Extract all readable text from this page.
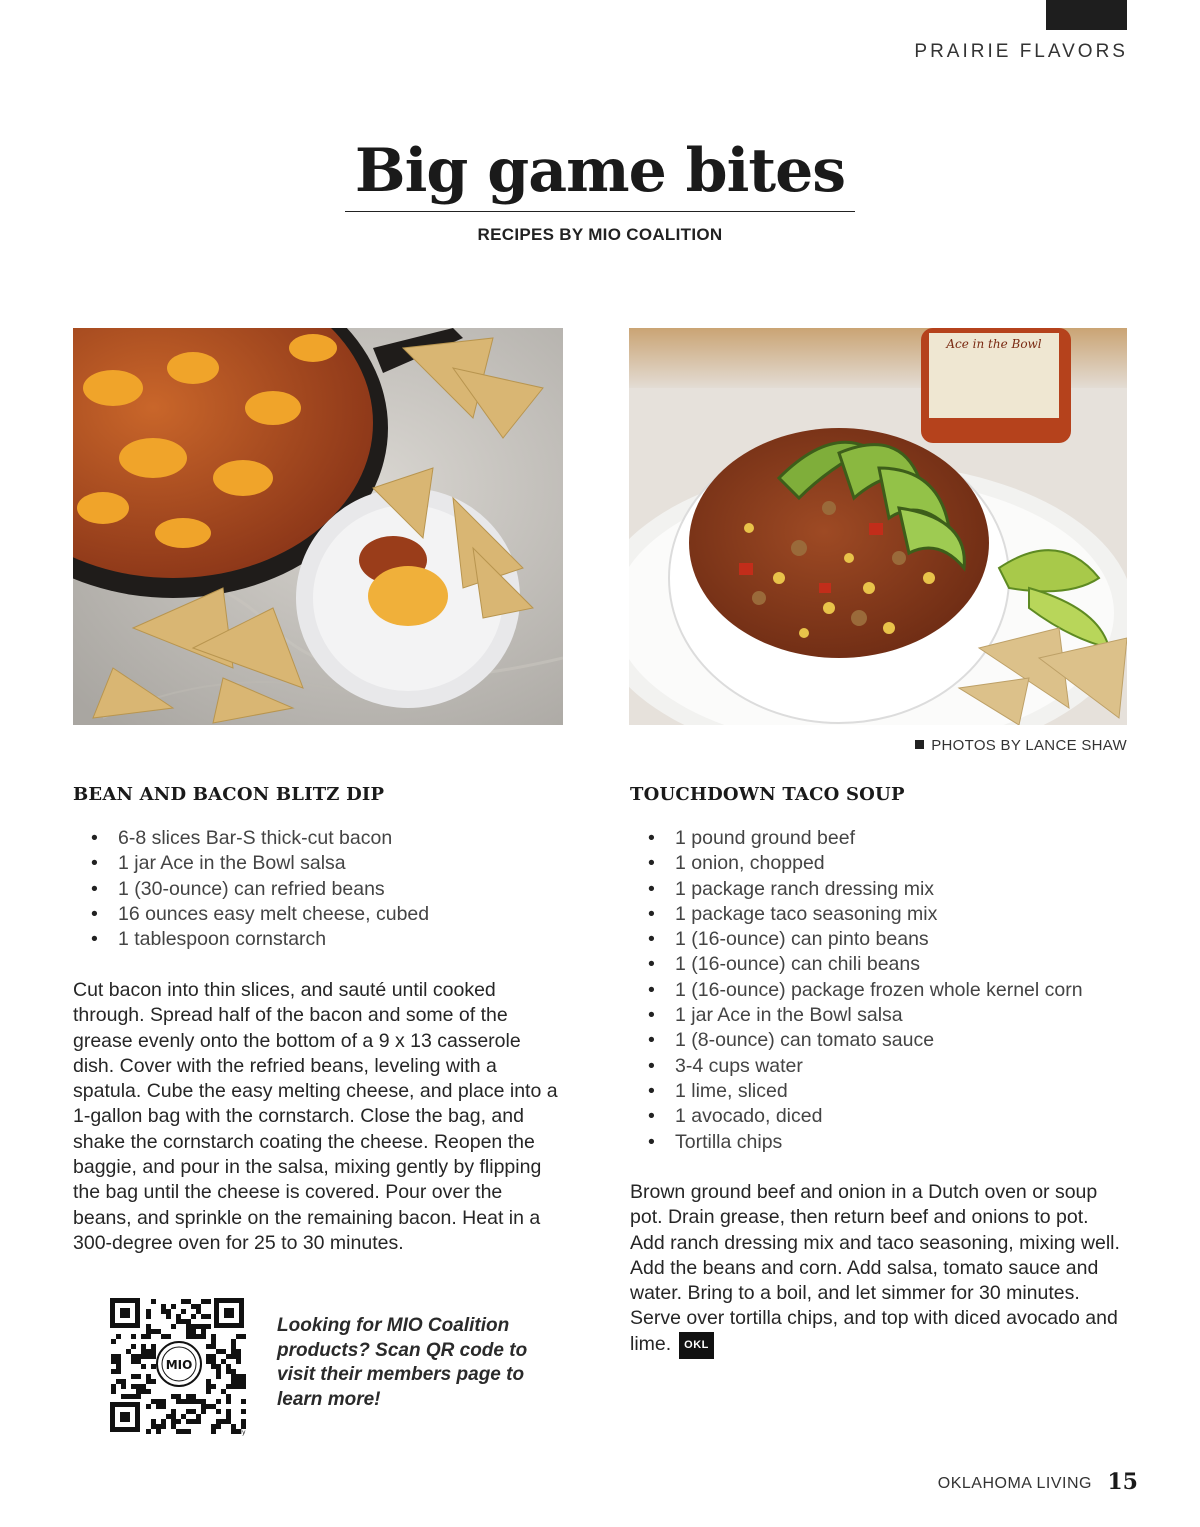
PRAIRIE FLAVORS
Big game bites
RECIPES BY MIO COALITION
Ace in the Bowl
PHOTOS BY LANCE SHAW
BEAN AND BACON BLITZ DIP
• 6-8 slices Bar-S thick-cut bacon
• 1 jar Ace in the Bowl salsa
• 1 (30-ounce) can refried beans
• 16 ounces easy melt cheese, cubed
• 1 tablespoon cornstarch
Cut bacon into thin slices, and sauté until cooked through. Spread half of the bacon and some of the grease evenly onto the bottom of a 9 x 13 casserole dish. Cover with the refried beans, leveling with a spatula. Cube the easy melting cheese, and place into a 1-gallon bag with the cornstarch. Close the bag, and shake the cornstarch coating the cheese. Reopen the baggie, and pour in the salsa, mixing gently by flipping the bag until the cheese is covered. Pour over the beans, and sprinkle on the remaining bacon. Heat in a 300-degree oven for 25 to 30 minutes.
MIO
bitly
Looking for MIO Coalition products? Scan QR code to visit their members page to learn more!
TOUCHDOWN TACO SOUP
• 1 pound ground beef
• 1 onion, chopped
• 1 package ranch dressing mix
• 1 package taco seasoning mix
• 1 (16-ounce) can pinto beans
• 1 (16-ounce) can chili beans
• 1 (16-ounce) package frozen whole kernel corn
• 1 jar Ace in the Bowl salsa
• 1 (8-ounce) can tomato sauce
• 3-4 cups water
• 1 lime, sliced
• 1 avocado, diced
• Tortilla chips
Brown ground beef and onion in a Dutch oven or soup pot. Drain grease, then return beef and onions to pot. Add ranch dressing mix and taco seasoning, mixing well. Add the beans and corn. Add salsa, tomato sauce and water. Bring to a boil, and let simmer for 30 minutes. Serve over tortilla chips, and top with diced avocado and lime. OKL
OKLAHOMA LIVING 15
